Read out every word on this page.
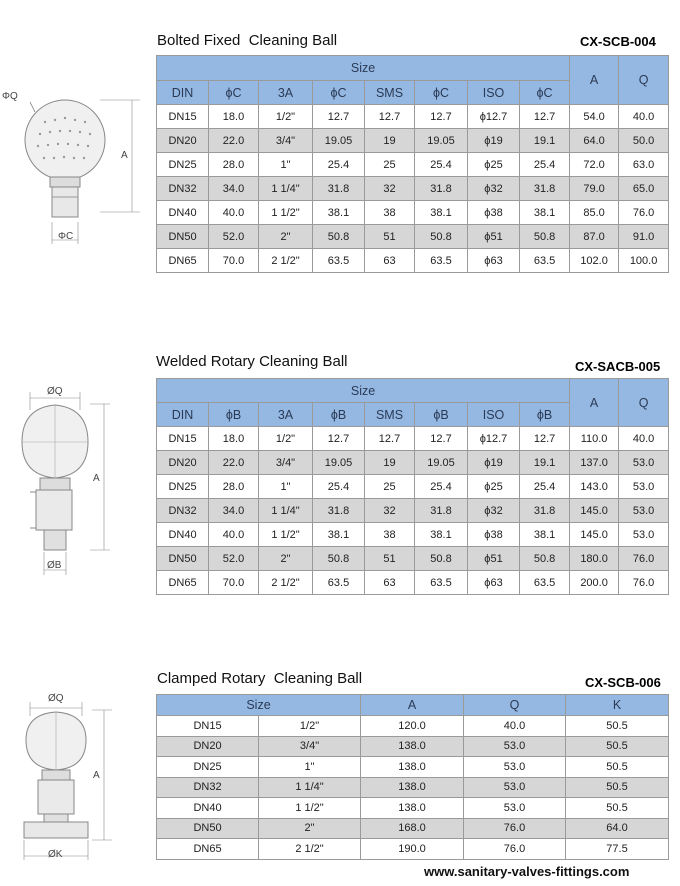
Bolted Fixed  Cleaning Ball	CX-SCB-004
ΦQ
A
ΦC
Size								A	Q
DIN	ϕC	3A	ϕC	SMS	ϕC	ISO	ϕC		
DN15	18.0	1/2"	12.7	12.7	12.7	ϕ12.7	12.7	54.0	40.0
DN20	22.0	3/4"	19.05	19	19.05	ϕ19	19.1	64.0	50.0
DN25	28.0	1"	25.4	25	25.4	ϕ25	25.4	72.0	63.0
DN32	34.0	1 1/4"	31.8	32	31.8	ϕ32	31.8	79.0	65.0
DN40	40.0	1 1/2"	38.1	38	38.1	ϕ38	38.1	85.0	76.0
DN50	52.0	2"	50.8	51	50.8	ϕ51	50.8	87.0	91.0
DN65	70.0	2 1/2"	63.5	63	63.5	ϕ63	63.5	102.0	100.0
Welded Rotary Cleaning Ball	CX-SACB-005
ØQ
A
ØB
Size								A	Q
DIN	ϕB	3A	ϕB	SMS	ϕB	ISO	ϕB		
DN15	18.0	1/2"	12.7	12.7	12.7	ϕ12.7	12.7	110.0	40.0
DN20	22.0	3/4"	19.05	19	19.05	ϕ19	19.1	137.0	53.0
DN25	28.0	1"	25.4	25	25.4	ϕ25	25.4	143.0	53.0
DN32	34.0	1 1/4"	31.8	32	31.8	ϕ32	31.8	145.0	53.0
DN40	40.0	1 1/2"	38.1	38	38.1	ϕ38	38.1	145.0	53.0
DN50	52.0	2"	50.8	51	50.8	ϕ51	50.8	180.0	76.0
DN65	70.0	2 1/2"	63.5	63	63.5	ϕ63	63.5	200.0	76.0
Clamped Rotary  Cleaning Ball	CX-SCB-006
ØQ
A
ØK
Size		A	Q	K
DN15	1/2"	120.0	40.0	50.5
DN20	3/4"	138.0	53.0	50.5
DN25	1"	138.0	53.0	50.5
DN32	1 1/4"	138.0	53.0	50.5
DN40	1 1/2"	138.0	53.0	50.5
DN50	2"	168.0	76.0	64.0
DN65	2 1/2"	190.0	76.0	77.5
www.sanitary-valves-fittings.com
